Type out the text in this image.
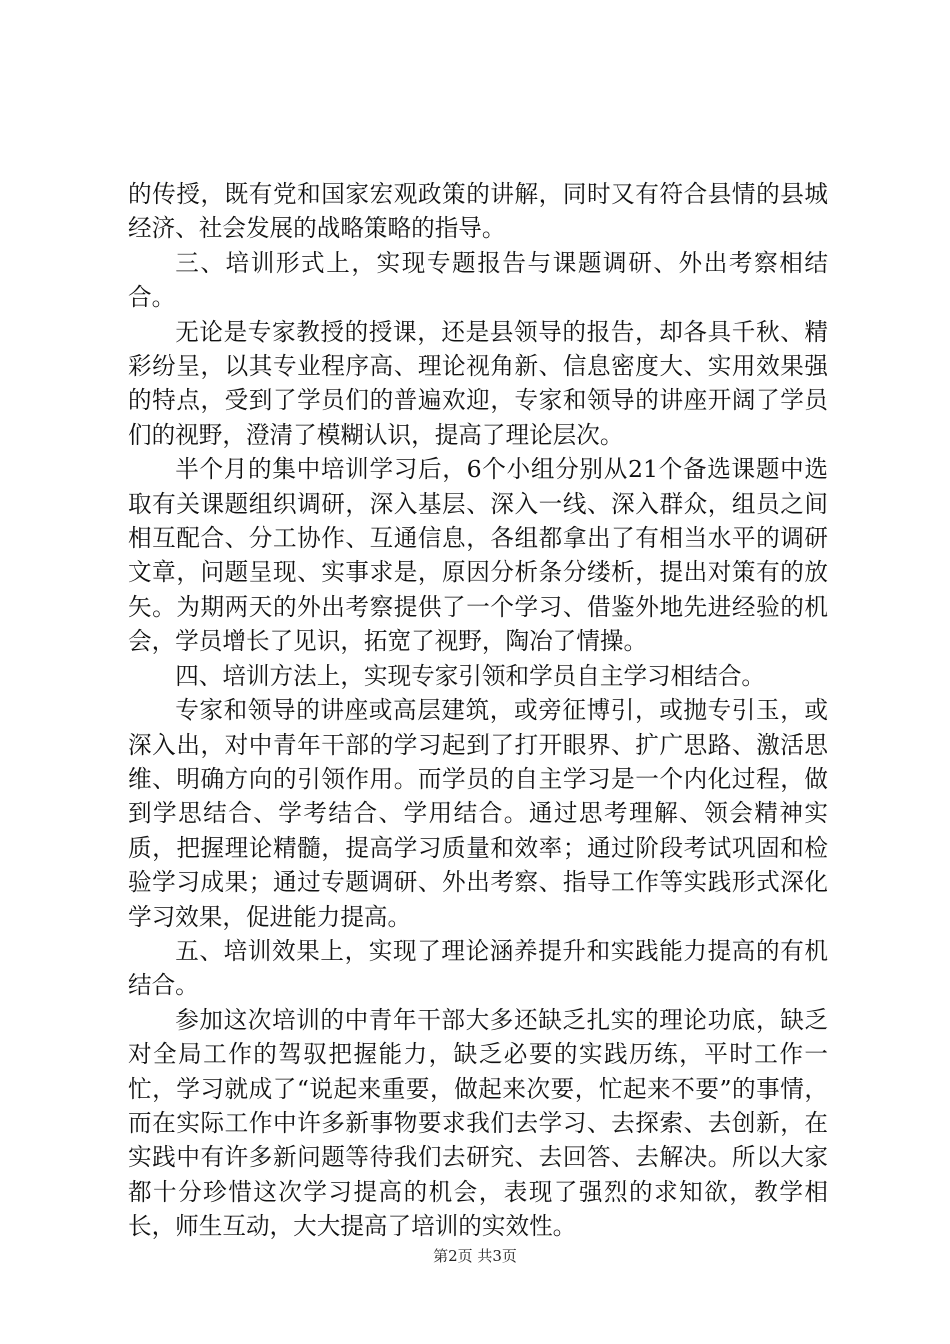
的传授，既有党和国家宏观政策的讲解，同时又有符合县情的县城经济、社会发展的战略策略的指导。

三、培训形式上，实现专题报告与课题调研、外出考察相结合。

无论是专家教授的授课，还是县领导的报告，却各具千秋、精彩纷呈，以其专业程序高、理论视角新、信息密度大、实用效果强的特点，受到了学员们的普遍欢迎，专家和领导的讲座开阔了学员们的视野，澄清了模糊认识，提高了理论层次。

半个月的集中培训学习后，6个小组分别从21个备选课题中选取有关课题组织调研，深入基层、深入一线、深入群众，组员之间相互配合、分工协作、互通信息，各组都拿出了有相当水平的调研文章，问题呈现、实事求是，原因分析条分缕析，提出对策有的放矢。为期两天的外出考察提供了一个学习、借鉴外地先进经验的机会，学员增长了见识，拓宽了视野，陶冶了情操。

四、培训方法上，实现专家引领和学员自主学习相结合。

专家和领导的讲座或高层建筑，或旁征博引，或抛专引玉，或深入出，对中青年干部的学习起到了打开眼界、扩广思路、激活思维、明确方向的引领作用。而学员的自主学习是一个内化过程，做到学思结合、学考结合、学用结合。通过思考理解、领会精神实质，把握理论精髓，提高学习质量和效率；通过阶段考试巩固和检验学习成果；通过专题调研、外出考察、指导工作等实践形式深化学习效果，促进能力提高。

五、培训效果上，实现了理论涵养提升和实践能力提高的有机结合。

参加这次培训的中青年干部大多还缺乏扎实的理论功底，缺乏对全局工作的驾驭把握能力，缺乏必要的实践历练，平时工作一忙，学习就成了“说起来重要，做起来次要，忙起来不要”的事情，而在实际工作中许多新事物要求我们去学习、去探索、去创新，在实践中有许多新问题等待我们去研究、去回答、去解决。所以大家都十分珍惜这次学习提高的机会，表现了强烈的求知欲，教学相长，师生互动，大大提高了培训的实效性。

第2页 共3页
